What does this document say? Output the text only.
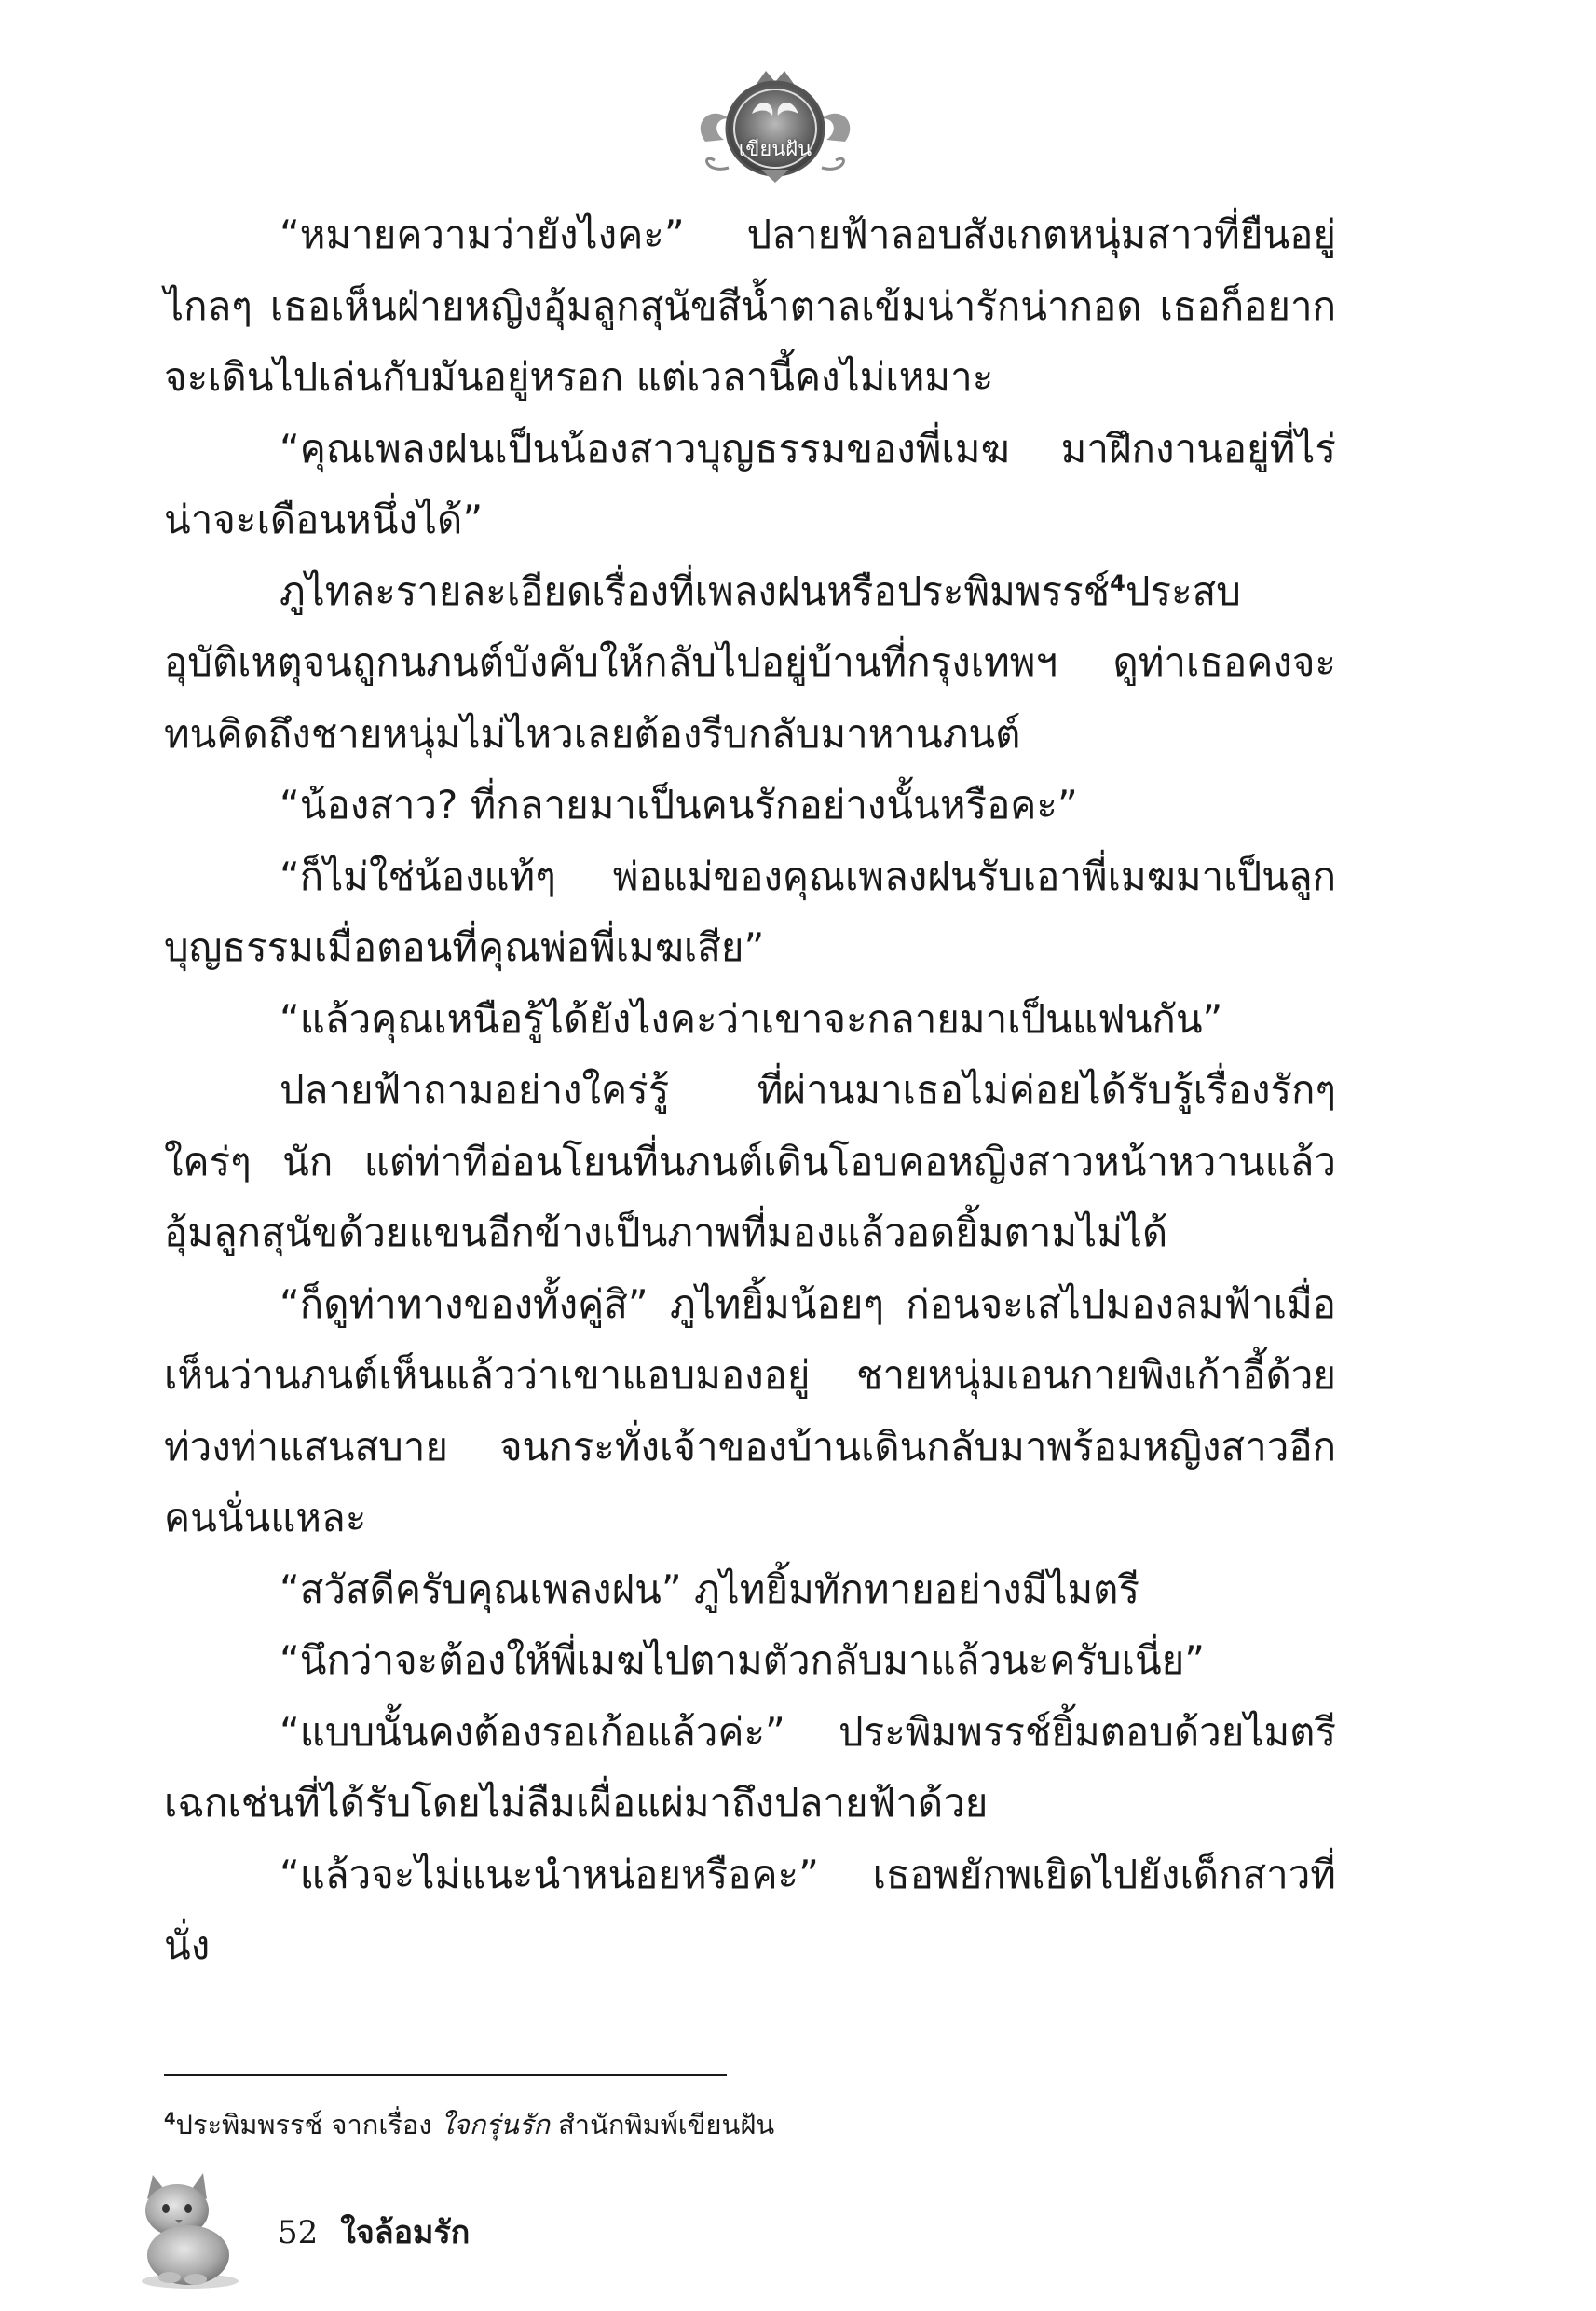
เขียนฝัน

“หมายความว่ายังไงคะ” ปลายฟ้าลอบสังเกตหนุ่มสาวที่ยืนอยู่ไกลๆ เธอเห็นฝ่ายหญิงอุ้มลูกสุนัขสีน้ำตาลเข้มน่ารักน่ากอด เธอก็อยากจะเดินไปเล่นกับมันอยู่หรอก แต่เวลานี้คงไม่เหมาะ

“คุณเพลงฝนเป็นน้องสาวบุญธรรมของพี่เมฆ มาฝึกงานอยู่ที่ไร่น่าจะเดือนหนึ่งได้”

ภูไทละรายละเอียดเรื่องที่เพลงฝนหรือประพิมพรรช์$^4$ประสบอุบัติเหตุจนถูกนภนต์บังคับให้กลับไปอยู่บ้านที่กรุงเทพฯ ดูท่าเธอคงจะทนคิดถึงชายหนุ่มไม่ไหวเลยต้องรีบกลับมาหานภนต์

“น้องสาว? ที่กลายมาเป็นคนรักอย่างนั้นหรือคะ”

“ก็ไม่ใช่น้องแท้ๆ พ่อแม่ของคุณเพลงฝนรับเอาพี่เมฆมาเป็นลูกบุญธรรมเมื่อตอนที่คุณพ่อพี่เมฆเสีย”

“แล้วคุณเหนือรู้ได้ยังไงคะว่าเขาจะกลายมาเป็นแฟนกัน”

ปลายฟ้าถามอย่างใคร่รู้ ที่ผ่านมาเธอไม่ค่อยได้รับรู้เรื่องรักๆ ใคร่ๆ นัก แต่ท่าทีอ่อนโยนที่นภนต์เดินโอบคอหญิงสาวหน้าหวานแล้วอุ้มลูกสุนัขด้วยแขนอีกข้างเป็นภาพที่มองแล้วอดยิ้มตามไม่ได้

“ก็ดูท่าทางของทั้งคู่สิ” ภูไทยิ้มน้อยๆ ก่อนจะเสไปมองลมฟ้าเมื่อเห็นว่านภนต์เห็นแล้วว่าเขาแอบมองอยู่ ชายหนุ่มเอนกายพิงเก้าอี้ด้วยท่วงท่าแสนสบาย จนกระทั่งเจ้าของบ้านเดินกลับมาพร้อมหญิงสาวอีกคนนั่นแหละ

“สวัสดีครับคุณเพลงฝน” ภูไทยิ้มทักทายอย่างมีไมตรี

“นึกว่าจะต้องให้พี่เมฆไปตามตัวกลับมาแล้วนะครับเนี่ย”

“แบบนั้นคงต้องรอเก้อแล้วค่ะ” ประพิมพรรช์ยิ้มตอบด้วยไมตรีเฉกเช่นที่ได้รับโดยไม่ลืมเผื่อแผ่มาถึงปลายฟ้าด้วย

“แล้วจะไม่แนะนำหน่อยหรือคะ” เธอพยักพเยิดไปยังเด็กสาวที่นั่ง

$^4$ประพิมพรรช์ จากเรื่อง ใจกรุ่นรัก สำนักพิมพ์เขียนฝัน
52 ใจล้อมรัก
